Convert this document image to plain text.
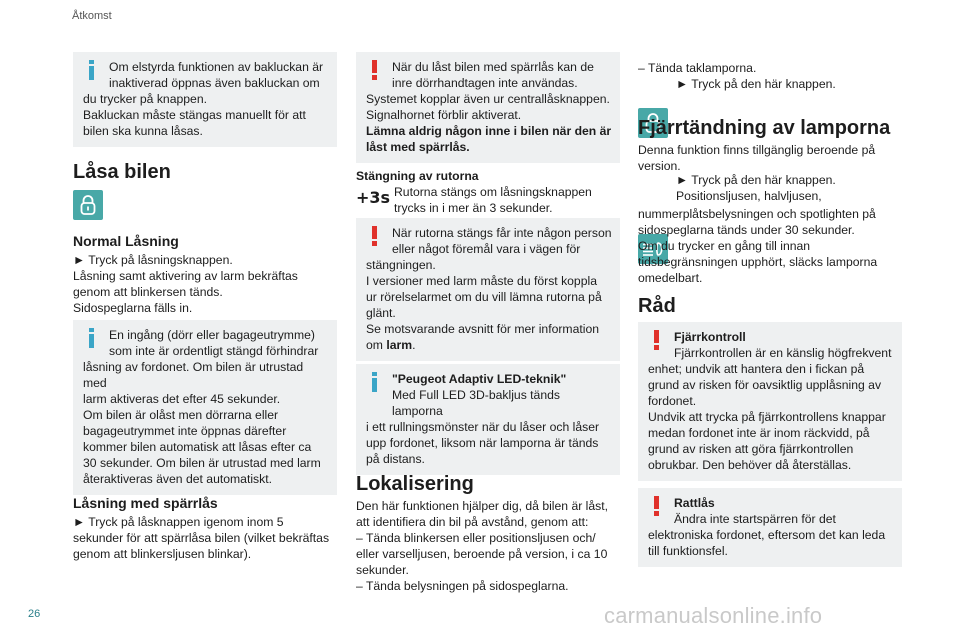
Åtkomst
26	carmanualsonline.info
Om elstyrda funktionen av bakluckan är
inaktiverad öppnas även bakluckan om
du trycker på knappen.
Bakluckan måste stängas manuellt för att
bilen ska kunna låsas.
Låsa bilen
Normal Låsning
► Tryck på låsningsknappen.
Låsning samt aktivering av larm bekräftas
genom att blinkersen tänds.
Sidospeglarna fälls in.
En ingång (dörr eller bagageutrymme)
som inte är ordentligt stängd förhindrar
låsning av fordonet. Om bilen är utrustad med
larm aktiveras det efter 45 sekunder.
Om bilen är olåst men dörrarna eller
bagageutrymmet inte öppnas därefter
kommer bilen automatisk att låsas efter ca
30 sekunder. Om bilen är utrustad med larm
återaktiveras även det automatiskt.
Låsning med spärrlås
► Tryck på låsknappen igenom inom 5
sekunder för att spärrlåsa bilen (vilket bekräftas
genom att blinkersljusen blinkar).
När du låst bilen med spärrlås kan de
inre dörrhandtagen inte användas.
Systemet kopplar även ur centrallåsknappen.
Signalhornet förblir aktiverat.
Lämna aldrig någon inne i bilen när den är
låst med spärrlås.
Stängning av rutorna
+3s Rutorna stängs om låsningsknappen
trycks in i mer än 3 sekunder.
När rutorna stängs får inte någon person
eller något föremål vara i vägen för
stängningen.
I versioner med larm måste du först koppla
ur rörelselarmet om du vill lämna rutorna på
glänt.
Se motsvarande avsnitt för mer information
om larm.
"Peugeot Adaptiv LED-teknik"
Med Full LED 3D-bakljus tänds lamporna
i ett rullningsmönster när du låser och låser
upp fordonet, liksom när lamporna är tänds
på distans.
Lokalisering
Den här funktionen hjälper dig, då bilen är låst,
att identifiera din bil på avstånd, genom att:
– Tända blinkersen eller positionsljusen och/
eller varselljusen, beroende på version, i ca 10
sekunder.
– Tända belysningen på sidospeglarna.
– Tända taklamporna.
► Tryck på den här knappen.
Fjärrtändning av lamporna
Denna funktion finns tillgänglig beroende på
version.
► Tryck på den här knappen.
Positionsljusen, halvljusen,
nummerplåtsbelysningen och spotlighten på
sidospeglarna tänds under 30 sekunder.
Om du trycker en gång till innan
tidsbegränsningen upphört, släcks lamporna
omedelbart.
Råd
Fjärrkontroll
Fjärrkontrollen är en känslig högfrekvent
enhet; undvik att hantera den i fickan på
grund av risken för oavsiktlig upplåsning av
fordonet.
Undvik att trycka på fjärrkontrollens knappar
medan fordonet inte är inom räckvidd, på
grund av risken att göra fjärrkontrollen
obrukbar. Den behöver då återställas.
Rattlås
Ändra inte startspärren för det
elektroniska fordonet, eftersom det kan leda
till funktionsfel.
